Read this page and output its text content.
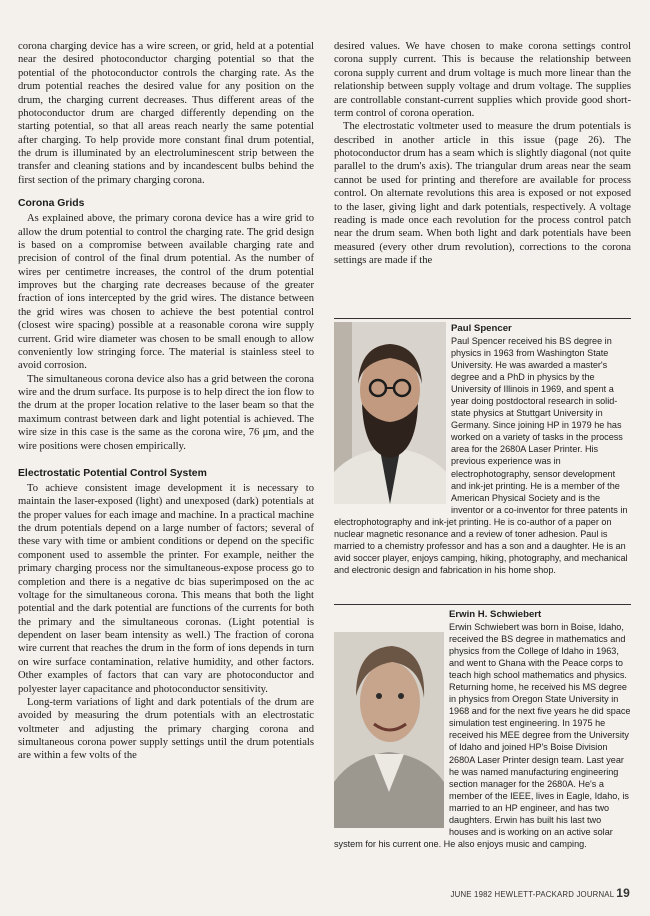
corona charging device has a wire screen, or grid, held at a potential near the desired photoconductor charging potential so that the potential of the photoconductor controls the charging rate. As the drum potential reaches the desired value for any position on the drum, the charging current decreases. Thus different areas of the photoconductor drum are charged differently depending on the starting potential, so that all areas reach nearly the same potential after charging. To help provide more constant final drum potential, the drum is illuminated by an electroluminescent strip between the transfer and cleaning stations and by incandescent bulbs behind the first section of the primary charging corona.

Corona Grids

As explained above, the primary corona device has a wire grid to allow the drum potential to control the charging rate. The grid design is based on a compromise between available charging rate and precision of control of the final drum potential. As the number of wires per centimetre increases, the control of the drum potential improves but the charging rate decreases because of the greater fraction of ions intercepted by the grid wires. The distance between the grid wires was chosen to achieve the best potential control (closest wire spacing) possible at a reasonable corona wire supply current. Grid wire diameter was chosen to be small enough to allow conveniently low stringing force. The material is stainless steel to avoid corrosion.

The simultaneous corona device also has a grid between the corona wire and the drum surface. Its purpose is to help direct the ion flow to the drum at the proper location relative to the laser beam so that the maximum contrast between dark and light potential is achieved. The wire size in this case is the same as the corona wire, 76 μm, and the wire positions were chosen empirically.

Electrostatic Potential Control System

To achieve consistent image development it is necessary to maintain the laser-exposed (light) and unexposed (dark) potentials at the proper values for each image and machine. In a practical machine the drum potentials depend on a large number of factors; several of these vary with time or ambient conditions or depend on the specific component used to assemble the printer. For example, neither the primary charging process nor the simultaneous-expose process go to completion and there is a negative dc bias superimposed on the ac voltage for the simultaneous corona. This means that both the light potential and the dark potential are functions of the currents for both the primary and the simultaneous coronas. (Light potential is dependent on laser beam intensity as well.) The fraction of corona wire current that reaches the drum in the form of ions depends in turn on wire surface contamination, relative humidity, and other factors. Other examples of factors that can vary are photoconductor and polyester layer capacitance and photoconductor sensitivity.

Long-term variations of light and dark potentials of the drum are avoided by measuring the drum potentials with an electrostatic voltmeter and adjusting the primary charging corona and simultaneous corona power supply settings until the drum potentials are within a few volts of the

desired values. We have chosen to make corona settings control corona supply current. This is because the relationship between corona supply current and drum voltage is much more linear than the relationship between supply voltage and drum voltage. The supplies are controllable constant-current supplies which provide good short-term control of corona operation.

The electrostatic voltmeter used to measure the drum potentials is described in another article in this issue (page 26). The photoconductor drum has a seam which is slightly diagonal (not quite parallel to the drum's axis). The triangular drum areas near the seam cannot be used for printing and therefore are available for process control. On alternate revolutions this area is exposed or not exposed to the laser, giving light and dark potentials, respectively. A voltage reading is made once each revolution for the process control patch near the drum seam. When both light and dark potentials have been measured (every other drum revolution), corrections to the corona settings are made if the

Paul Spencer

Paul Spencer received his BS degree in physics in 1963 from Washington State University. He was awarded a master's degree and a PhD in physics by the University of Illinois in 1969, and spent a year doing postdoctoral research in solid-state physics at Stuttgart University in Germany. Since joining HP in 1979 he has worked on a variety of tasks in the process area for the 2680A Laser Printer. His previous experience was in electrophotography, sensor development and ink-jet printing. He is a member of the American Physical Society and is the inventor or a co-inventor for three patents in electrophotography and ink-jet printing. He is co-author of a paper on nuclear magnetic resonance and a review of toner adhesion. Paul is married to a chemistry professor and has a son and a daughter. He is an avid soccer player, enjoys camping, hiking, photography, and mechanical and electronic design and fabrication in his home shop.

Erwin H. Schwiebert

Erwin Schwiebert was born in Boise, Idaho, received the BS degree in mathematics and physics from the College of Idaho in 1963, and went to Ghana with the Peace corps to teach high school mathematics and physics. Returning home, he received his MS degree in physics from Oregon State University in 1968 and for the next five years he did space simulation test engineering. In 1975 he received his MEE degree from the University of Idaho and joined HP's Boise Division 2680A Laser Printer design team. Last year he was named manufacturing engineering section manager for the 2680A. He's a member of the IEEE, lives in Eagle, Idaho, is married to an HP engineer, and has two daughters. Erwin has built his last two houses and is working on an active solar system for his current one. He also enjoys music and camping.

JUNE 1982 HEWLETT-PACKARD JOURNAL 19
